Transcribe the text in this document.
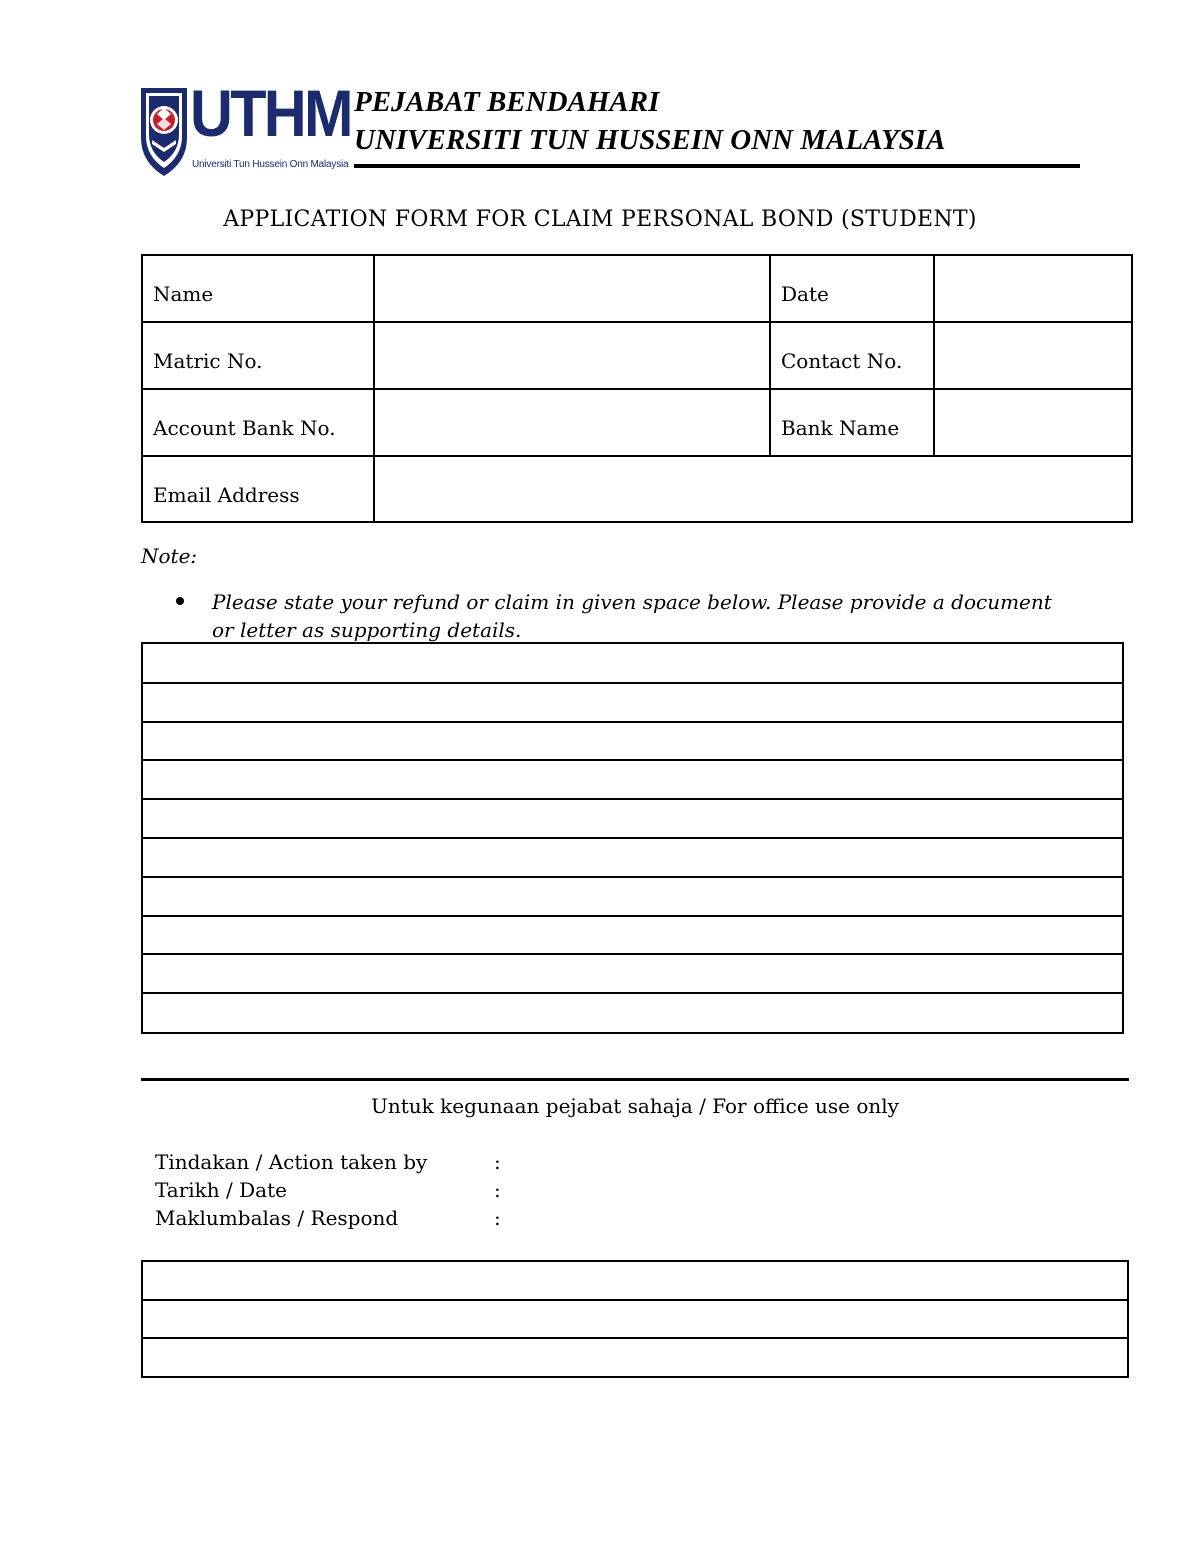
UTHM
Universiti Tun Hussein Onn Malaysia
PEJABAT BENDAHARI
UNIVERSITI TUN HUSSEIN ONN MALAYSIA
APPLICATION FORM FOR CLAIM PERSONAL BOND (STUDENT)
Name	Date
Matric No.	Contact No.
Account Bank No.	Bank Name
Email Address
Note:
Please state your refund or claim in given space below. Please provide a document or letter as supporting details.
Untuk kegunaan pejabat sahaja / For office use only
Tindakan / Action taken by	:
Tarikh / Date	:
Maklumbalas / Respond	:
